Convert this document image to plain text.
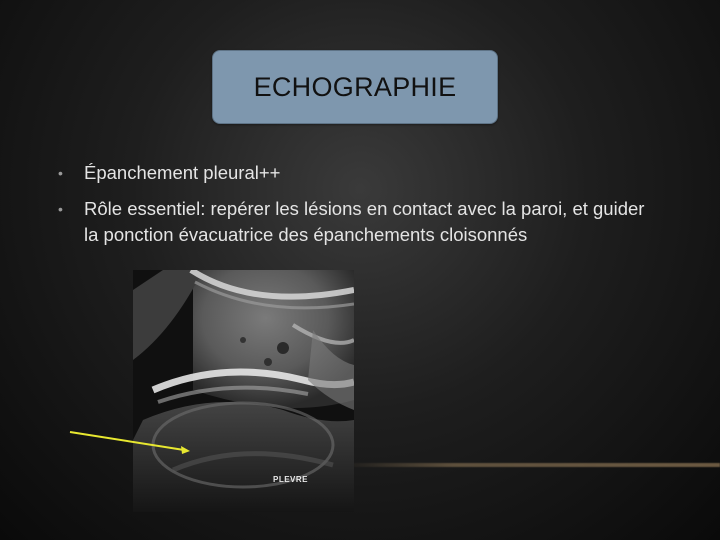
ECHOGRAPHIE
• Épanchement pleural++
• Rôle essentiel: repérer les lésions en contact avec la paroi, et guider la ponction évacuatrice des épanchements cloisonnés
PLEVRE
